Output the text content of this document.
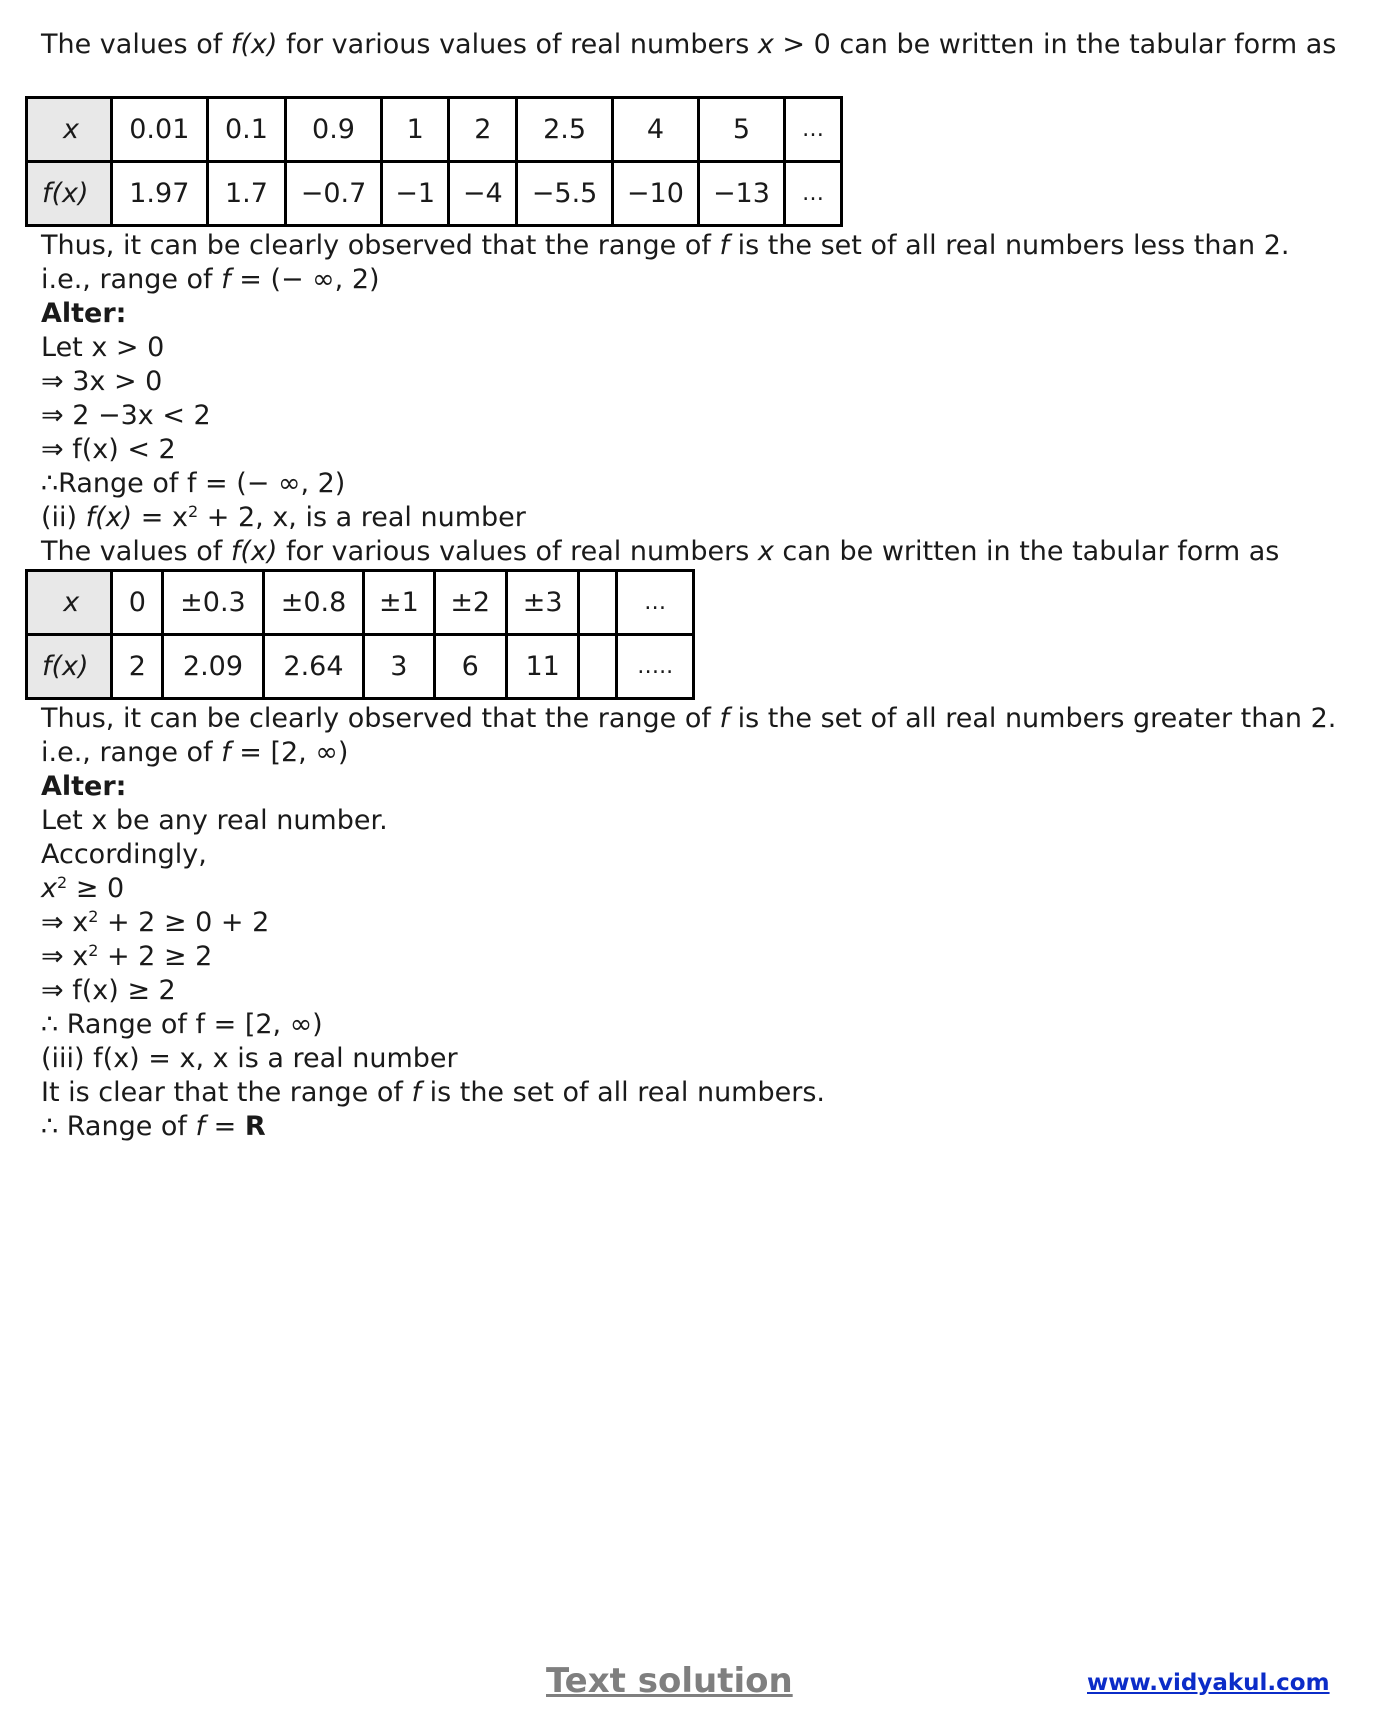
The values of f(x) for various values of real numbers x > 0 can be written in the tabular form as

x	0.01	0.1	0.9	1	2	2.5	4	5	…
f(x)	1.97	1.7	−0.7	−1	−4	−5.5	−10	−13	…

Thus, it can be clearly observed that the range of f is the set of all real numbers less than 2.

i.e., range of f = (− ∞, 2)

Alter:

Let x > 0

⇒ 3x > 0

⇒ 2 −3x < 2

⇒ f(x) < 2

∴Range of f = (− ∞, 2)

(ii) $f(x) = x^2 + 2$, x, is a real number

The values of f(x) for various values of real numbers x can be written in the tabular form as

x	0	±0.3	±0.8	±1	±2	±3		…
f(x)	2	2.09	2.64	3	6	11		…..

Thus, it can be clearly observed that the range of f is the set of all real numbers greater than 2.

i.e., range of f = [2, ∞)

Alter:

Let x be any real number.

Accordingly,

$x^2 \ge 0$

⇒ $x^2 + 2 \ge 0 + 2$

⇒ $x^2 + 2 \ge 2$

⇒ f(x) ≥ 2

∴ Range of f = [2, ∞)

(iii) f(x) = x, x is a real number

It is clear that the range of f is the set of all real numbers.

∴ Range of f = R

Text solution	www.vidyakul.com
